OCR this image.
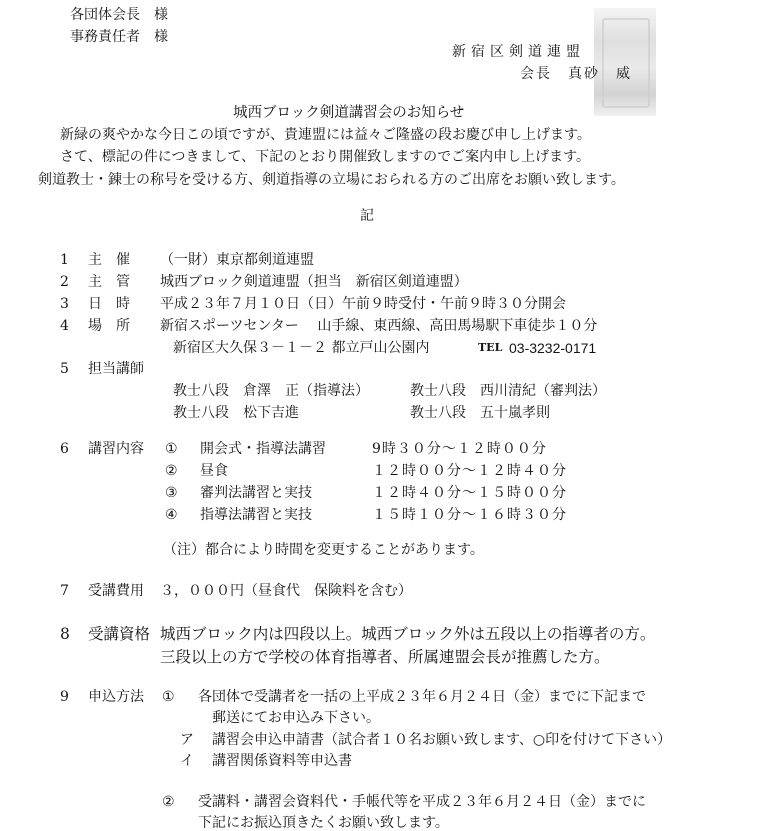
各団体会長　様
事務責任者　様
新宿区剣道連盟
会長　真砂　威
城西ブロック剣道講習会のお知らせ
新緑の爽やかな今日この頃ですが、貴連盟には益々ご隆盛の段お慶び申し上げます。
さて、標記の件につきまして、下記のとおり開催致しますのでご案内申し上げます。
剣道教士・錬士の称号を受ける方、剣道指導の立場におられる方のご出席をお願い致します。
記
1 主　催 （一財）東京都剣道連盟
2 主　管 城西ブロック剣道連盟（担当　新宿区剣道連盟）
3 日　時 平成２３年７月１０日（日）午前９時受付・午前９時３０分開会
4 場　所 新宿スポーツセンター　 山手線、東西線、高田馬場駅下車徒歩１０分
新宿区大久保３－１－２ 都立戸山公園内	TEL 03-3232-0171
5 担当講師
教士八段　倉澤　正（指導法）	教士八段　西川清紀（審判法）
教士八段　松下吉進	教士八段　五十嵐孝則
6 講習内容 ① 開会式・指導法講習	9時３０分～１２時００分
② 昼食	１２時００分～１２時４０分
③ 審判法講習と実技	１２時４０分～１５時００分
④ 指導法講習と実技	１５時１０分～１６時３０分
（注）都合により時間を変更することがあります。
7 受講費用 ３，０００円（昼食代　保険料を含む）
8 受講資格 城西ブロック内は四段以上。城西ブロック外は五段以上の指導者の方。
三段以上の方で学校の体育指導者、所属連盟会長が推薦した方。
9 申込方法 ① 各団体で受講者を一括の上平成２３年６月２４日（金）までに下記まで
郵送にてお申込み下さい。
ア 講習会申込申請書（試合者１０名お願い致します、○印を付けて下さい）
イ 講習関係資料等申込書
② 受講料・講習会資料代・手帳代等を平成２３年６月２４日（金）までに
下記にお振込頂きたくお願い致します。
